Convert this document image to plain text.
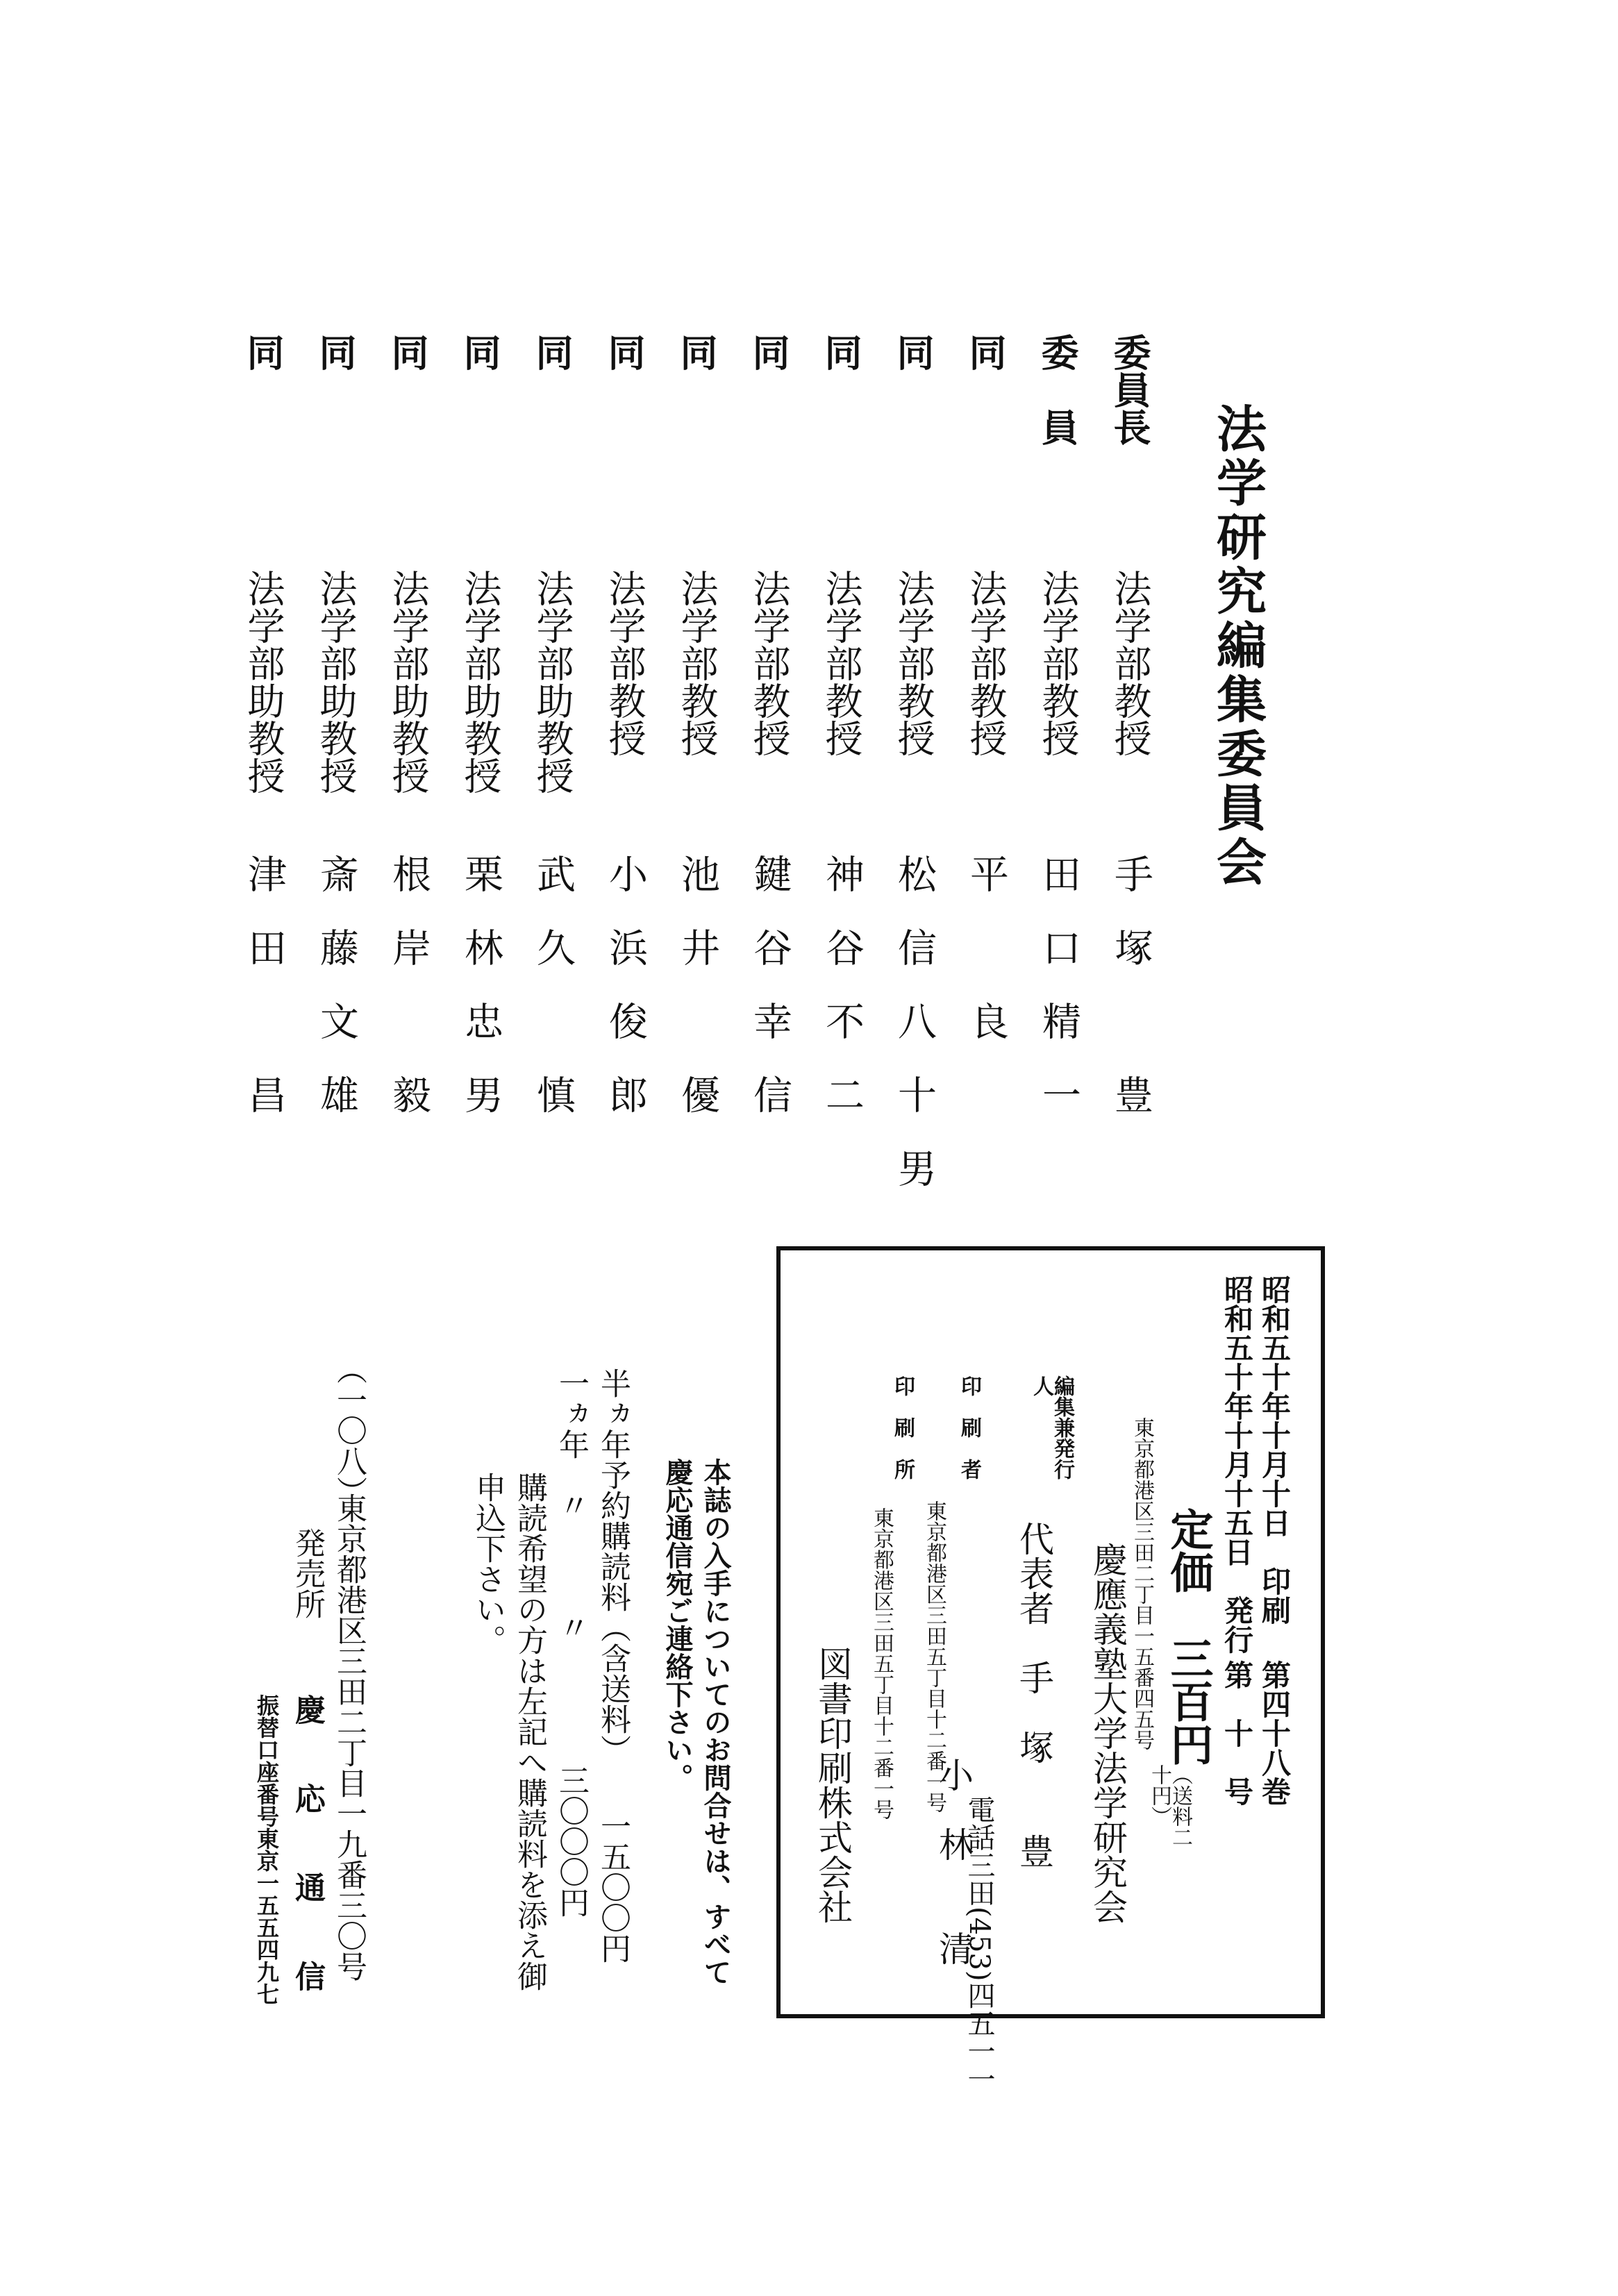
法学研究編集委員会
委員長
法学部教授
手塚　豊
委　員
法学部教授
田口精一
同
法学部教授
平　良
同
法学部教授
松信八十男
同
法学部教授
神谷不二
同
法学部教授
鍵谷幸信
同
法学部教授
池井　優
同
法学部教授
小浜俊郎
同
法学部助教授
武久　慎
同
法学部助教授
栗林忠男
同
法学部助教授
根岸　毅
同
法学部助教授
斎藤文雄
同
法学部助教授
津田　昌
昭和五十年十月十日　印刷
昭和五十年十月十五日　発行
第四十八巻
第　十　号
定価　三百円
（送料二十円）
東京都港区三田二丁目一五番四五号
慶應義塾大学法学研究会
電話三田(453)四五一一
編集兼発行人
代表者　手　塚　　豊
印　刷　者
東京都港区三田五丁目十二番一号
小　林　　清
印　刷　所
東京都港区三田五丁目十二番一号
図書印刷株式会社
本誌の入手についてのお問合せは、すべて
慶応通信宛ご連絡下さい。
半ヵ年予約購読料（含送料）　　一五〇〇円
一ヵ年　〃　　　〃　　　　三〇〇〇円
購読希望の方は左記へ購読料を添え御
申込下さい。
（一〇八）
東京都港区三田二丁目一九番三〇号
発売所
慶　応　通　信
振替口座番号東京一五五四九七
